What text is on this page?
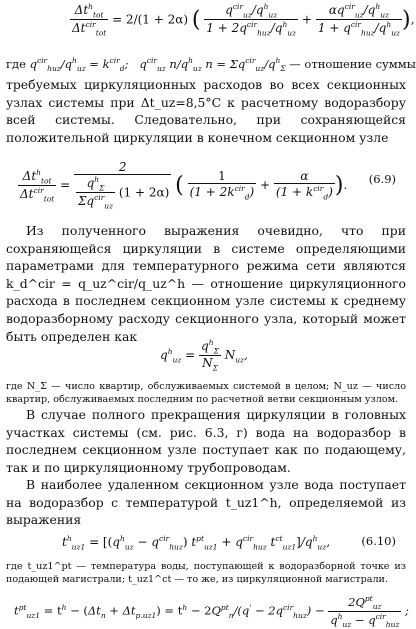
$\frac{\Delta t^h_{tot}}{\Delta t^{cir}_{tot}} = 2/(1 + 2\alpha)$ ( $\frac{q^{cir}_{uz}/q^h_{uz}}{1 + 2q^{cir}_{huz}/q^h_{uz}} + \frac{\alpha q^{cir}_{uz}/q^h_{uz}}{1 + q^{cir}_{huz}/q^h_{uz}}$ ),
где $q^{cir}_{huz}/q^h_{uz} = k^{cir}_d$;   $q^{cir}_{uz}$ $n/q^h_{uz}$ $n = \Sigma q^{cir}_{uz}/q^h_\Sigma$ — отношение суммы

требуемых циркуляционных расходов во всех секционных узлах системы при Δt_uz=8,5°С к расчетному водоразбору всей системы. Следовательно, при сохраняющейся положительной циркуляции в конечном секционном узле

$\frac{\Delta t^h_{tot}}{\Delta t^{cir}_{tot}} = \frac{2}{\frac{q^h_\Sigma}{\Sigma q^{cir}_{uz}} (1 + 2\alpha)}$ ( $\frac{1}{(1 + 2k^{cir}_d)} + \frac{\alpha}{(1 + k^{cir}_d)}$ ). (6.9)

Из полученного выражения очевидно, что при сохраняющейся циркуляции в системе определяющими параметрами для температурного режима сети являются k_d^cir = q_uz^cir/q_uz^h — отношение циркуляционного расхода в последнем секционном узле системы к среднему водоразборному расходу секционного узла, который может быть определен как

$q^h_{uz} = \frac{q^h_\Sigma}{N_\Sigma} N_{uz}$,

где N_Σ — число квартир, обслуживаемых системой в целом; N_uz — число квартир, обслуживаемых последним по расчетной ветви секционным узлом.

В случае полного прекращения циркуляции в головных участках системы (см. рис. 6.3, г) вода на водоразбор в последнем секционном узле поступает как по подающему, так и по циркуляционному трубопроводам.

В наиболее удаленном секционном узле вода поступает на водоразбор с температурой t_uz1^h, определяемой из выражения

$t^h_{uz1} = [(q^h_{uz} - q^{cir}_{huz}) t^{pt}_{uz1} + q^{cir}_{huz}$ $t^{ct}_{uz1}]/q^h_{uz}$,	(6.10)

где t_uz1^pt — температура воды, поступающей к водоразборной точке из подающей магистрали; t_uz1^ct — то же, из циркуляционной магистрали.

$t^{pt}_{uz1} = t^h - (\Delta t_n + \Delta t_{p.uz1}) = t^h - 2Q^{pt}_n/(q' - 2q^{cir}_{huz}) - \frac{2Q^{pt}_{uz}}{q^h_{uz} - q^{cir}_{huz}}$ ;
